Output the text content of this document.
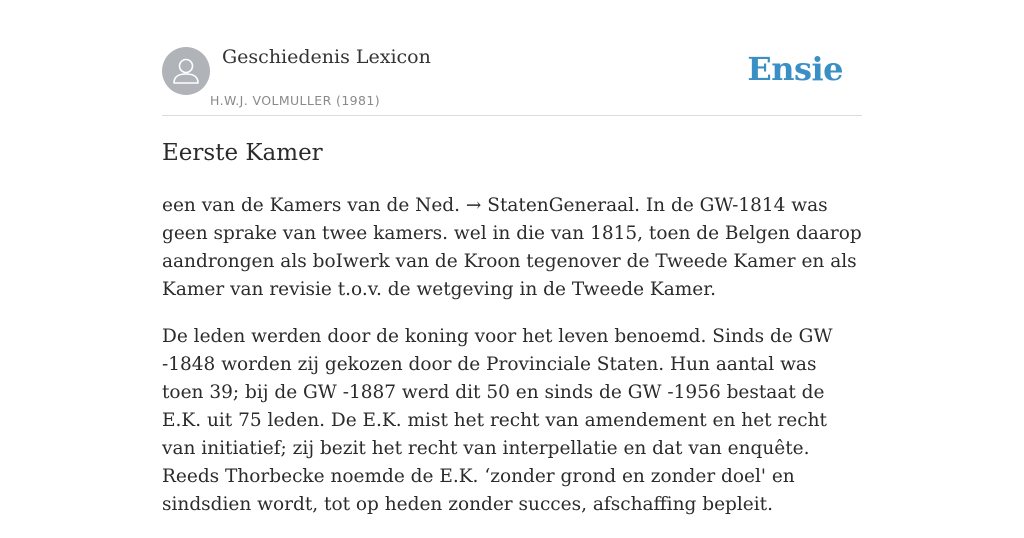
Geschiedenis Lexicon
H.W.J. VOLMULLER (1981)
Ensie
Eerste Kamer

een van de Kamers van de Ned. → StatenGeneraal. In de GW-1814 was geen sprake van twee kamers. wel in die van 1815, toen de Belgen daarop aandrongen als boIwerk van de Kroon tegenover de Tweede Kamer en als Kamer van revisie t.o.v. de wetgeving in de Tweede Kamer.

De leden werden door de koning voor het leven benoemd. Sinds de GW -1848 worden zij gekozen door de Provinciale Staten. Hun aantal was toen 39; bij de GW -1887 werd dit 50 en sinds de GW -1956 bestaat de E.K. uit 75 leden. De E.K. mist het recht van amendement en het recht van initiatief; zij bezit het recht van interpellatie en dat van enquête. Reeds Thorbecke noemde de E.K. ‘zonder grond en zonder doel' en sindsdien wordt, tot op heden zonder succes, afschaffing bepleit.
